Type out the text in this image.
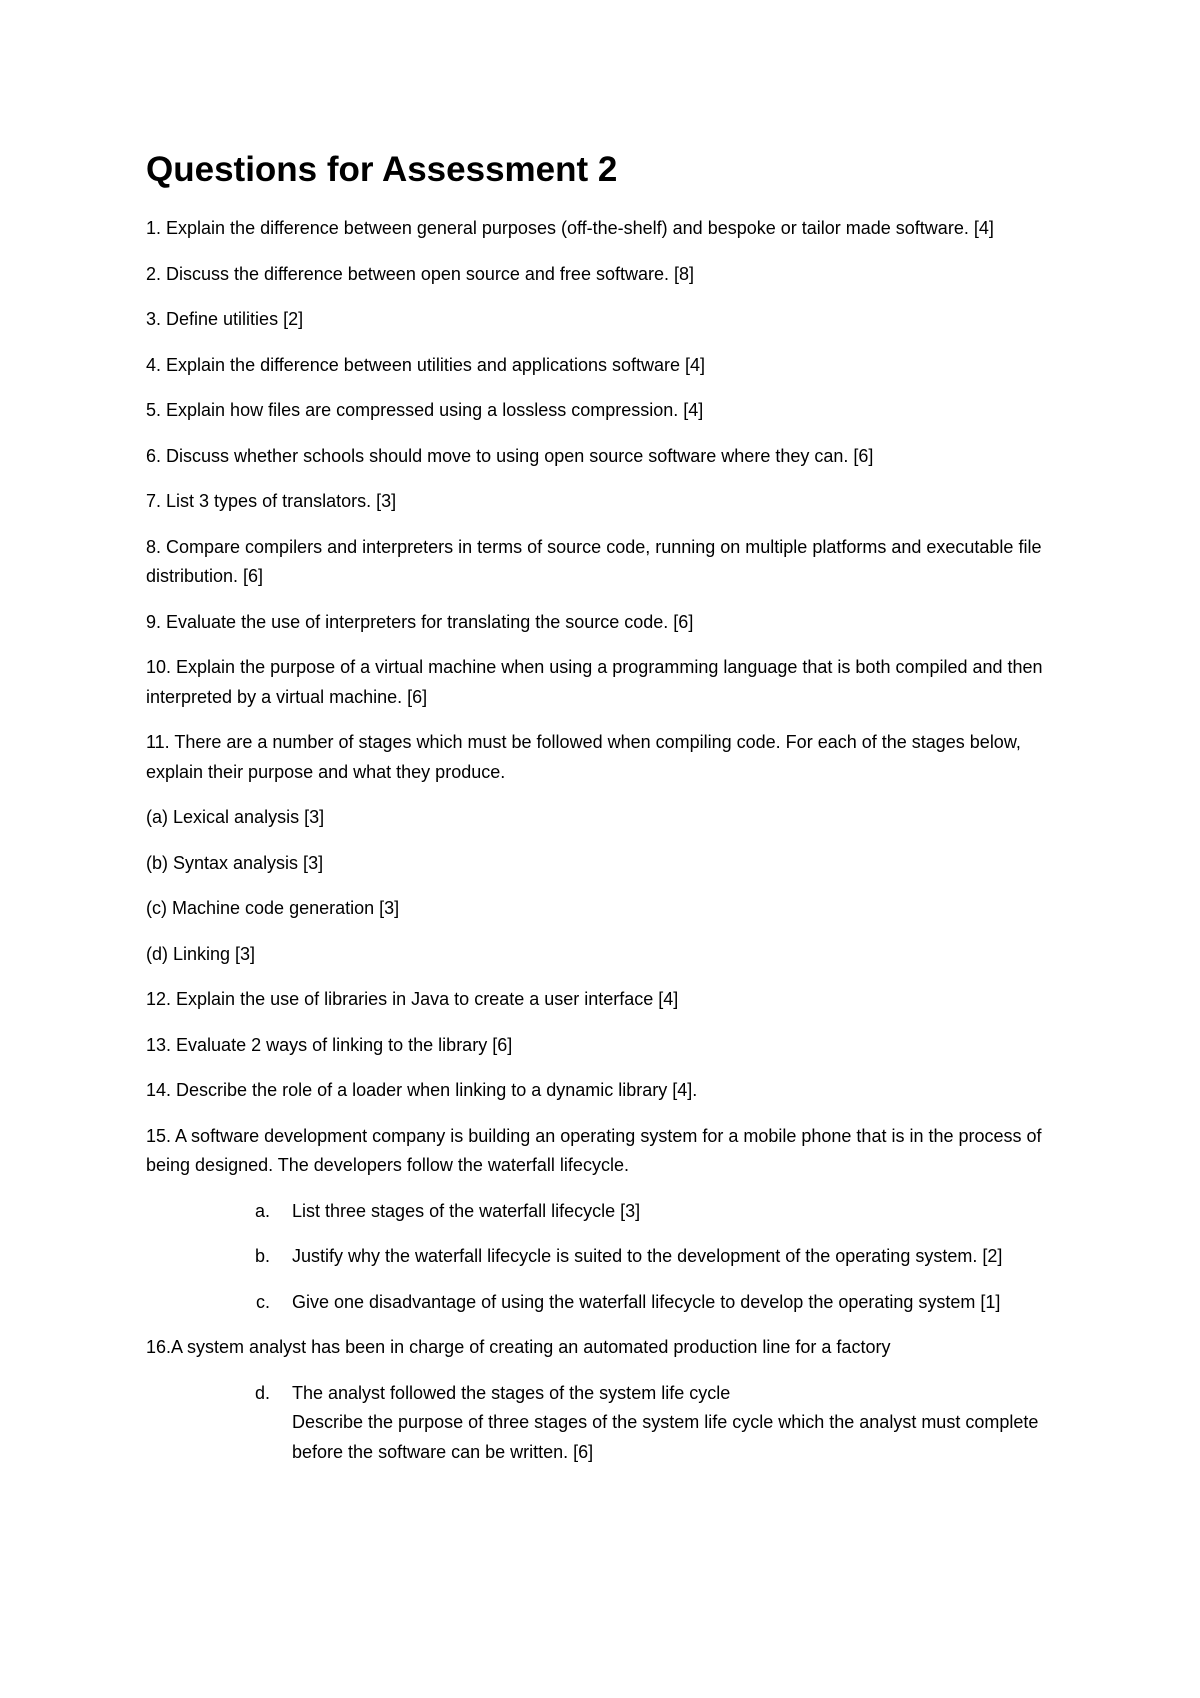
Questions for Assessment 2

1. Explain the difference between general purposes (off-the-shelf) and bespoke or tailor made software. [4]

2. Discuss the difference between open source and free software. [8]

3. Define utilities [2]

4. Explain the difference between utilities and applications software [4]

5. Explain how files are compressed using a lossless compression. [4]

6. Discuss whether schools should move to using open source software where they can. [6]

7. List 3 types of translators. [3]

8. Compare compilers and interpreters in terms of source code, running on multiple platforms and executable file distribution. [6]

9. Evaluate the use of interpreters for translating the source code. [6]

10. Explain the purpose of a virtual machine when using a programming language that is both compiled and then interpreted by a virtual machine. [6]

11. There are a number of stages which must be followed when compiling code. For each of the stages below, explain their purpose and what they produce.

(a) Lexical analysis [3]

(b) Syntax analysis [3]

(c) Machine code generation [3]

(d) Linking [3]

12. Explain the use of libraries in Java to create a user interface [4]

13. Evaluate 2 ways of linking to the library [6]

14. Describe the role of a loader when linking to a dynamic library [4].

15. A software development company is building an operating system for a mobile phone that is in the process of being designed. The developers follow the waterfall lifecycle.

a.	List three stages of the waterfall lifecycle [3]
b.	Justify why the waterfall lifecycle is suited to the development of the operating system. [2]
c.	Give one disadvantage of using the waterfall lifecycle to develop the operating system [1]

16.A system analyst has been in charge of creating an automated production line for a factory

d.	The analyst followed the stages of the system life cycle
Describe the purpose of three stages of the system life cycle which the analyst must complete before the software can be written. [6]
